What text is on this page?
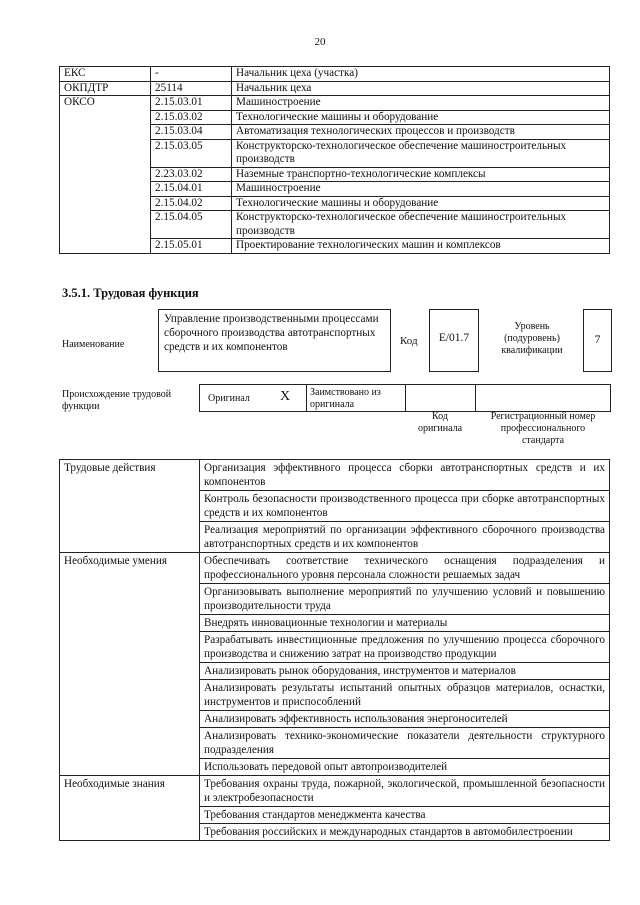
20
ЕКС	-	Начальник цеха (участка)
ОКПДТР	25114	Начальник цеха
ОКСО	2.15.03.01	Машиностроение
	2.15.03.02	Технологические машины и оборудование
	2.15.03.04	Автоматизация технологических процессов и производств
	2.15.03.05	Конструкторско-технологическое обеспечение машиностроительных производств
	2.23.03.02	Наземные транспортно-технологические комплексы
	2.15.04.01	Машиностроение
	2.15.04.02	Технологические машины и оборудование
	2.15.04.05	Конструкторско-технологическое обеспечение машиностроительных производств
	2.15.05.01	Проектирование технологических машин и комплексов
3.5.1. Трудовая функция
Наименование
Управление производственными процессами сборочного производства автотранспортных средств и их компонентов	Код	E/01.7
Уровень (подуровень) квалификации
7
Происхождение трудовой функции
Оригинал X Заимствовано из оригинала
Код оригинала
Регистрационный номер профессионального стандарта
Трудовые действия	Организация эффективного процесса сборки автотранспортных средств и их компонентов
	Контроль безопасности производственного процесса при сборке автотранспортных средств и их компонентов
	Реализация мероприятий по организации эффективного сборочного производства автотранспортных средств и их компонентов
Необходимые умения	Обеспечивать соответствие технического оснащения подразделения и профессионального уровня персонала сложности решаемых задач
	Организовывать выполнение мероприятий по улучшению условий и повышению производительности труда
	Внедрять инновационные технологии и материалы
	Разрабатывать инвестиционные предложения по улучшению процесса сборочного производства и снижению затрат на производство продукции
	Анализировать рынок оборудования, инструментов и материалов
	Анализировать результаты испытаний опытных образцов материалов, оснастки, инструментов и приспособлений
	Анализировать эффективность использования энергоносителей
	Анализировать технико-экономические показатели деятельности структурного подразделения
	Использовать передовой опыт автопроизводителей
Необходимые знания	Требования охраны труда, пожарной, экологической, промышленной безопасности и электробезопасности
	Требования стандартов менеджмента качества
	Требования российских и международных стандартов в автомобилестроении
